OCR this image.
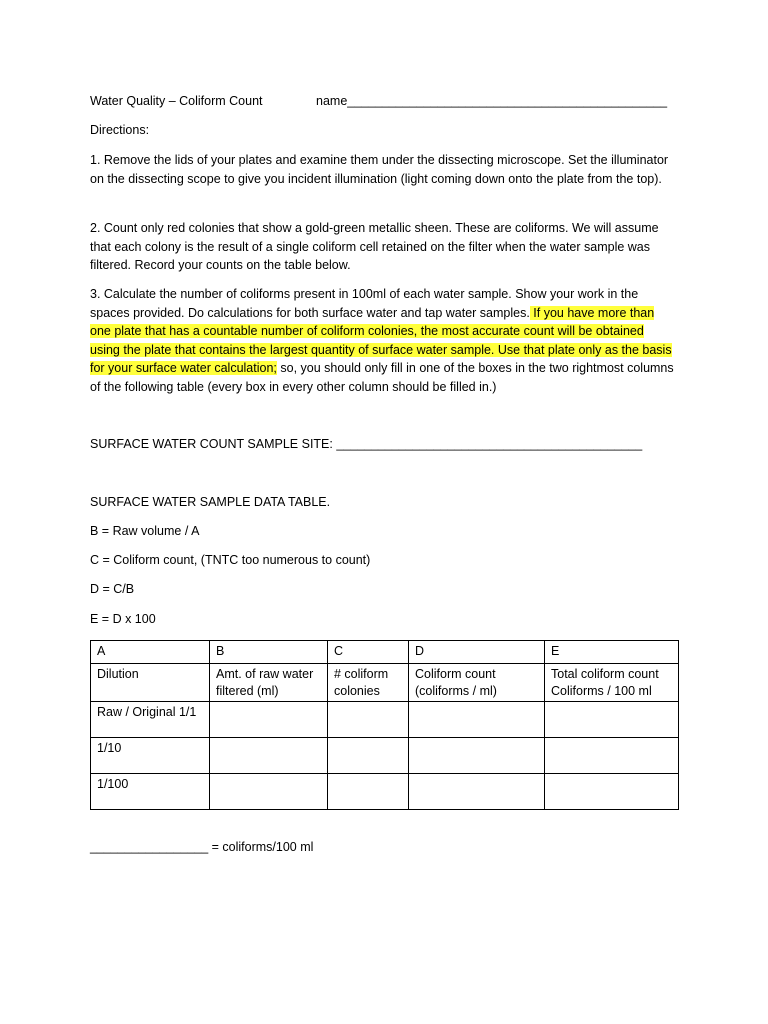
Water Quality – Coliform Count	name______________________________________________
Directions:
1. Remove the lids of your plates and examine them under the dissecting microscope. Set the illuminator on the dissecting scope to give you incident illumination (light coming down onto the plate from the top).
2. Count only red colonies that show a gold-green metallic sheen. These are coliforms. We will assume that each colony is the result of a single coliform cell retained on the filter when the water sample was filtered. Record your counts on the table below.
3. Calculate the number of coliforms present in 100ml of each water sample. Show your work in the spaces provided. Do calculations for both surface water and tap water samples. If you have more than one plate that has a countable number of coliform colonies, the most accurate count will be obtained using the plate that contains the largest quantity of surface water sample. Use that plate only as the basis for your surface water calculation; so, you should only fill in one of the boxes in the two rightmost columns of the following table (every box in every other column should be filled in.)
SURFACE WATER COUNT SAMPLE SITE: ____________________________________________
SURFACE WATER SAMPLE DATA TABLE.
B = Raw volume / A
C = Coliform count, (TNTC too numerous to count)
D = C/B
E = D x 100
A	B	C	D	E
Dilution	Amt. of raw water filtered (ml)	# coliform colonies	Coliform count (coliforms / ml)	Total coliform count Coliforms / 100 ml
Raw / Original 1/1				
1/10				
1/100				
_________________ = coliforms/100 ml
